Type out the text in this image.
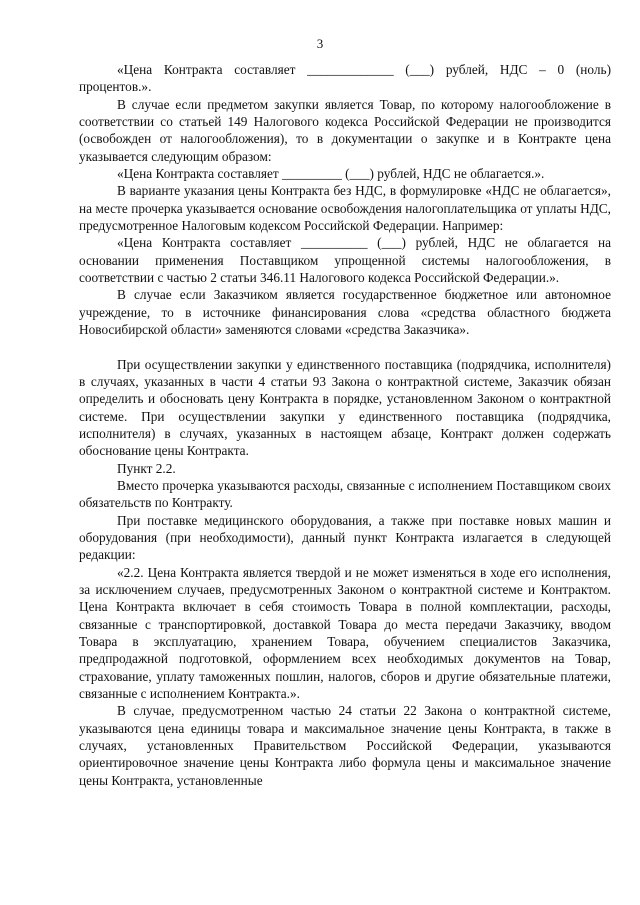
3

«Цена Контракта составляет _____________ (___) рублей, НДС – 0 (ноль) процентов.».

В случае если предметом закупки является Товар, по которому налогообложение в соответствии со статьей 149 Налогового кодекса Российской Федерации не производится (освобожден от налогообложения), то в документации о закупке и в Контракте цена указывается следующим образом:

«Цена Контракта составляет _________ (___) рублей, НДС не облагается.».

В варианте указания цены Контракта без НДС, в формулировке «НДС не облагается», на месте прочерка указывается основание освобождения налогоплательщика от уплаты НДС, предусмотренное Налоговым кодексом Российской Федерации. Например:

«Цена Контракта составляет __________ (___) рублей, НДС не облагается на основании применения Поставщиком упрощенной системы налогообложения, в соответствии с частью 2 статьи 346.11 Налогового кодекса Российской Федерации.».

В случае если Заказчиком является государственное бюджетное или автономное учреждение, то в источнике финансирования слова «средства областного бюджета Новосибирской области» заменяются словами «средства Заказчика».

При осуществлении закупки у единственного поставщика (подрядчика, исполнителя) в случаях, указанных в части 4 статьи 93 Закона о контрактной системе, Заказчик обязан определить и обосновать цену Контракта в порядке, установленном Законом о контрактной системе. При осуществлении закупки у единственного поставщика (подрядчика, исполнителя) в случаях, указанных в настоящем абзаце, Контракт должен содержать обоснование цены Контракта.

Пункт 2.2.

Вместо прочерка указываются расходы, связанные с исполнением Поставщиком своих обязательств по Контракту.

При поставке медицинского оборудования, а также при поставке новых машин и оборудования (при необходимости), данный пункт Контракта излагается в следующей редакции:

«2.2. Цена Контракта является твердой и не может изменяться в ходе его исполнения, за исключением случаев, предусмотренных Законом о контрактной системе и Контрактом. Цена Контракта включает в себя стоимость Товара в полной комплектации, расходы, связанные с транспортировкой, доставкой Товара до места передачи Заказчику, вводом Товара в эксплуатацию, хранением Товара, обучением специалистов Заказчика, предпродажной подготовкой, оформлением всех необходимых документов на Товар, страхование, уплату таможенных пошлин, налогов, сборов и другие обязательные платежи, связанные с исполнением Контракта.».

В случае, предусмотренном частью 24 статьи 22 Закона о контрактной системе, указываются цена единицы товара и максимальное значение цены Контракта, в также в случаях, установленных Правительством Российской Федерации, указываются ориентировочное значение цены Контракта либо формула цены и максимальное значение цены Контракта, установленные
